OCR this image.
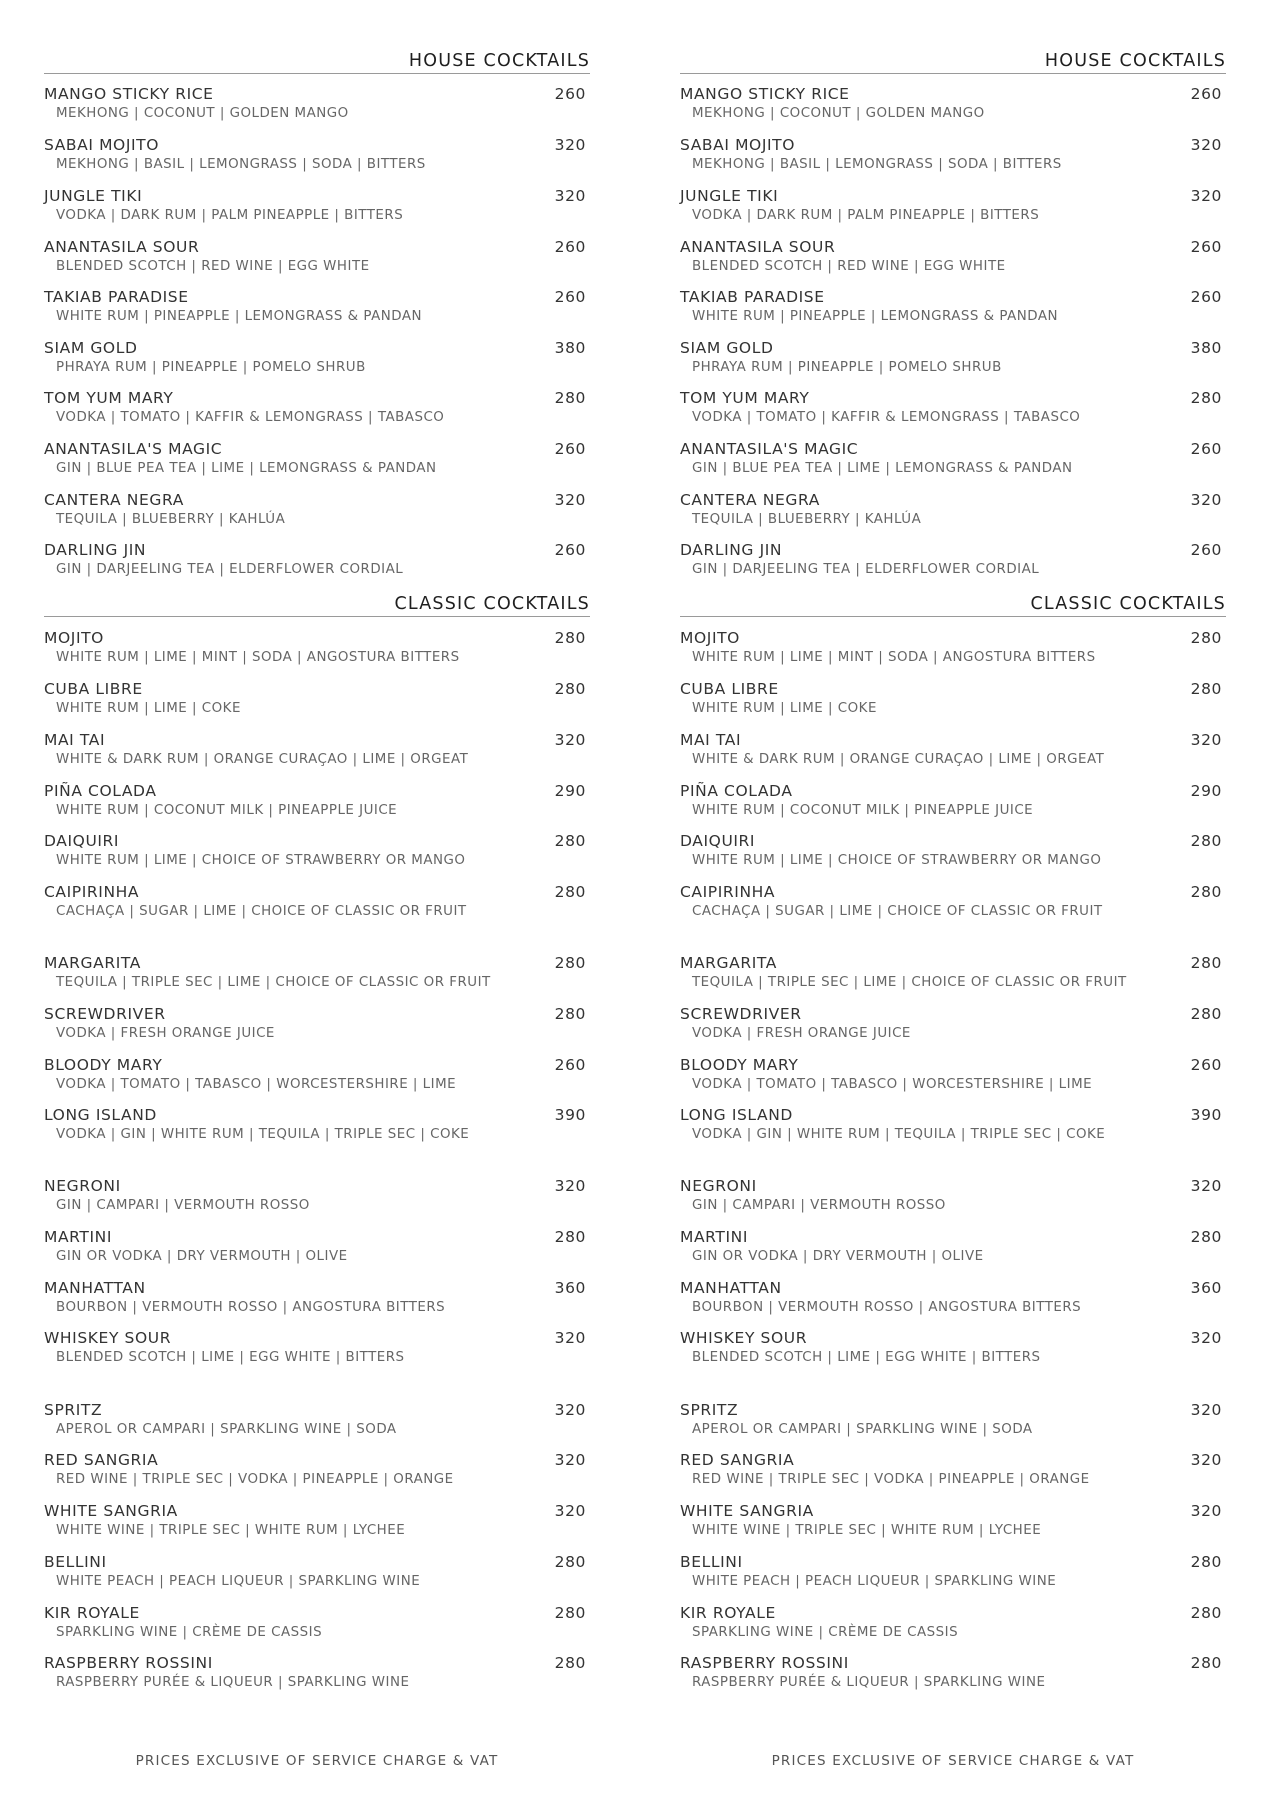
HOUSE COCKTAILS
MANGO STICKY RICE	260
MEKHONG | COCONUT | GOLDEN MANGO
SABAI MOJITO	320
MEKHONG | BASIL | LEMONGRASS | SODA | BITTERS
JUNGLE TIKI	320
VODKA | DARK RUM | PALM PINEAPPLE | BITTERS
ANANTASILA SOUR	260
BLENDED SCOTCH | RED WINE | EGG WHITE
TAKIAB PARADISE	260
WHITE RUM | PINEAPPLE | LEMONGRASS & PANDAN
SIAM GOLD	380
PHRAYA RUM | PINEAPPLE | POMELO SHRUB
TOM YUM MARY	280
VODKA | TOMATO | KAFFIR & LEMONGRASS | TABASCO
ANANTASILA'S MAGIC	260
GIN | BLUE PEA TEA | LIME | LEMONGRASS & PANDAN
CANTERA NEGRA	320
TEQUILA | BLUEBERRY | KAHLÚA
DARLING JIN	260
GIN | DARJEELING TEA | ELDERFLOWER CORDIAL
CLASSIC COCKTAILS
MOJITO	280
WHITE RUM | LIME | MINT | SODA | ANGOSTURA BITTERS
CUBA LIBRE	280
WHITE RUM | LIME | COKE
MAI TAI	320
WHITE & DARK RUM | ORANGE CURAÇAO | LIME | ORGEAT
PIÑA COLADA	290
WHITE RUM | COCONUT MILK | PINEAPPLE JUICE
DAIQUIRI	280
WHITE RUM | LIME | CHOICE OF STRAWBERRY OR MANGO
CAIPIRINHA	280
CACHAÇA | SUGAR | LIME | CHOICE OF CLASSIC OR FRUIT
MARGARITA	280
TEQUILA | TRIPLE SEC | LIME | CHOICE OF CLASSIC OR FRUIT
SCREWDRIVER	280
VODKA | FRESH ORANGE JUICE
BLOODY MARY	260
VODKA | TOMATO | TABASCO | WORCESTERSHIRE | LIME
LONG ISLAND	390
VODKA | GIN | WHITE RUM | TEQUILA | TRIPLE SEC | COKE
NEGRONI	320
GIN | CAMPARI | VERMOUTH ROSSO
MARTINI	280
GIN OR VODKA | DRY VERMOUTH | OLIVE
MANHATTAN	360
BOURBON | VERMOUTH ROSSO | ANGOSTURA BITTERS
WHISKEY SOUR	320
BLENDED SCOTCH | LIME | EGG WHITE | BITTERS
SPRITZ	320
APEROL OR CAMPARI | SPARKLING WINE | SODA
RED SANGRIA	320
RED WINE | TRIPLE SEC | VODKA | PINEAPPLE | ORANGE
WHITE SANGRIA	320
WHITE WINE | TRIPLE SEC | WHITE RUM | LYCHEE
BELLINI	280
WHITE PEACH | PEACH LIQUEUR | SPARKLING WINE
KIR ROYALE	280
SPARKLING WINE | CRÈME DE CASSIS
RASPBERRY ROSSINI	280
RASPBERRY PURÉE & LIQUEUR | SPARKLING WINE
PRICES EXCLUSIVE OF SERVICE CHARGE & VAT
HOUSE COCKTAILS
MANGO STICKY RICE	260
MEKHONG | COCONUT | GOLDEN MANGO
SABAI MOJITO	320
MEKHONG | BASIL | LEMONGRASS | SODA | BITTERS
JUNGLE TIKI	320
VODKA | DARK RUM | PALM PINEAPPLE | BITTERS
ANANTASILA SOUR	260
BLENDED SCOTCH | RED WINE | EGG WHITE
TAKIAB PARADISE	260
WHITE RUM | PINEAPPLE | LEMONGRASS & PANDAN
SIAM GOLD	380
PHRAYA RUM | PINEAPPLE | POMELO SHRUB
TOM YUM MARY	280
VODKA | TOMATO | KAFFIR & LEMONGRASS | TABASCO
ANANTASILA'S MAGIC	260
GIN | BLUE PEA TEA | LIME | LEMONGRASS & PANDAN
CANTERA NEGRA	320
TEQUILA | BLUEBERRY | KAHLÚA
DARLING JIN	260
GIN | DARJEELING TEA | ELDERFLOWER CORDIAL
CLASSIC COCKTAILS
MOJITO	280
WHITE RUM | LIME | MINT | SODA | ANGOSTURA BITTERS
CUBA LIBRE	280
WHITE RUM | LIME | COKE
MAI TAI	320
WHITE & DARK RUM | ORANGE CURAÇAO | LIME | ORGEAT
PIÑA COLADA	290
WHITE RUM | COCONUT MILK | PINEAPPLE JUICE
DAIQUIRI	280
WHITE RUM | LIME | CHOICE OF STRAWBERRY OR MANGO
CAIPIRINHA	280
CACHAÇA | SUGAR | LIME | CHOICE OF CLASSIC OR FRUIT
MARGARITA	280
TEQUILA | TRIPLE SEC | LIME | CHOICE OF CLASSIC OR FRUIT
SCREWDRIVER	280
VODKA | FRESH ORANGE JUICE
BLOODY MARY	260
VODKA | TOMATO | TABASCO | WORCESTERSHIRE | LIME
LONG ISLAND	390
VODKA | GIN | WHITE RUM | TEQUILA | TRIPLE SEC | COKE
NEGRONI	320
GIN | CAMPARI | VERMOUTH ROSSO
MARTINI	280
GIN OR VODKA | DRY VERMOUTH | OLIVE
MANHATTAN	360
BOURBON | VERMOUTH ROSSO | ANGOSTURA BITTERS
WHISKEY SOUR	320
BLENDED SCOTCH | LIME | EGG WHITE | BITTERS
SPRITZ	320
APEROL OR CAMPARI | SPARKLING WINE | SODA
RED SANGRIA	320
RED WINE | TRIPLE SEC | VODKA | PINEAPPLE | ORANGE
WHITE SANGRIA	320
WHITE WINE | TRIPLE SEC | WHITE RUM | LYCHEE
BELLINI	280
WHITE PEACH | PEACH LIQUEUR | SPARKLING WINE
KIR ROYALE	280
SPARKLING WINE | CRÈME DE CASSIS
RASPBERRY ROSSINI	280
RASPBERRY PURÉE & LIQUEUR | SPARKLING WINE
PRICES EXCLUSIVE OF SERVICE CHARGE & VAT
